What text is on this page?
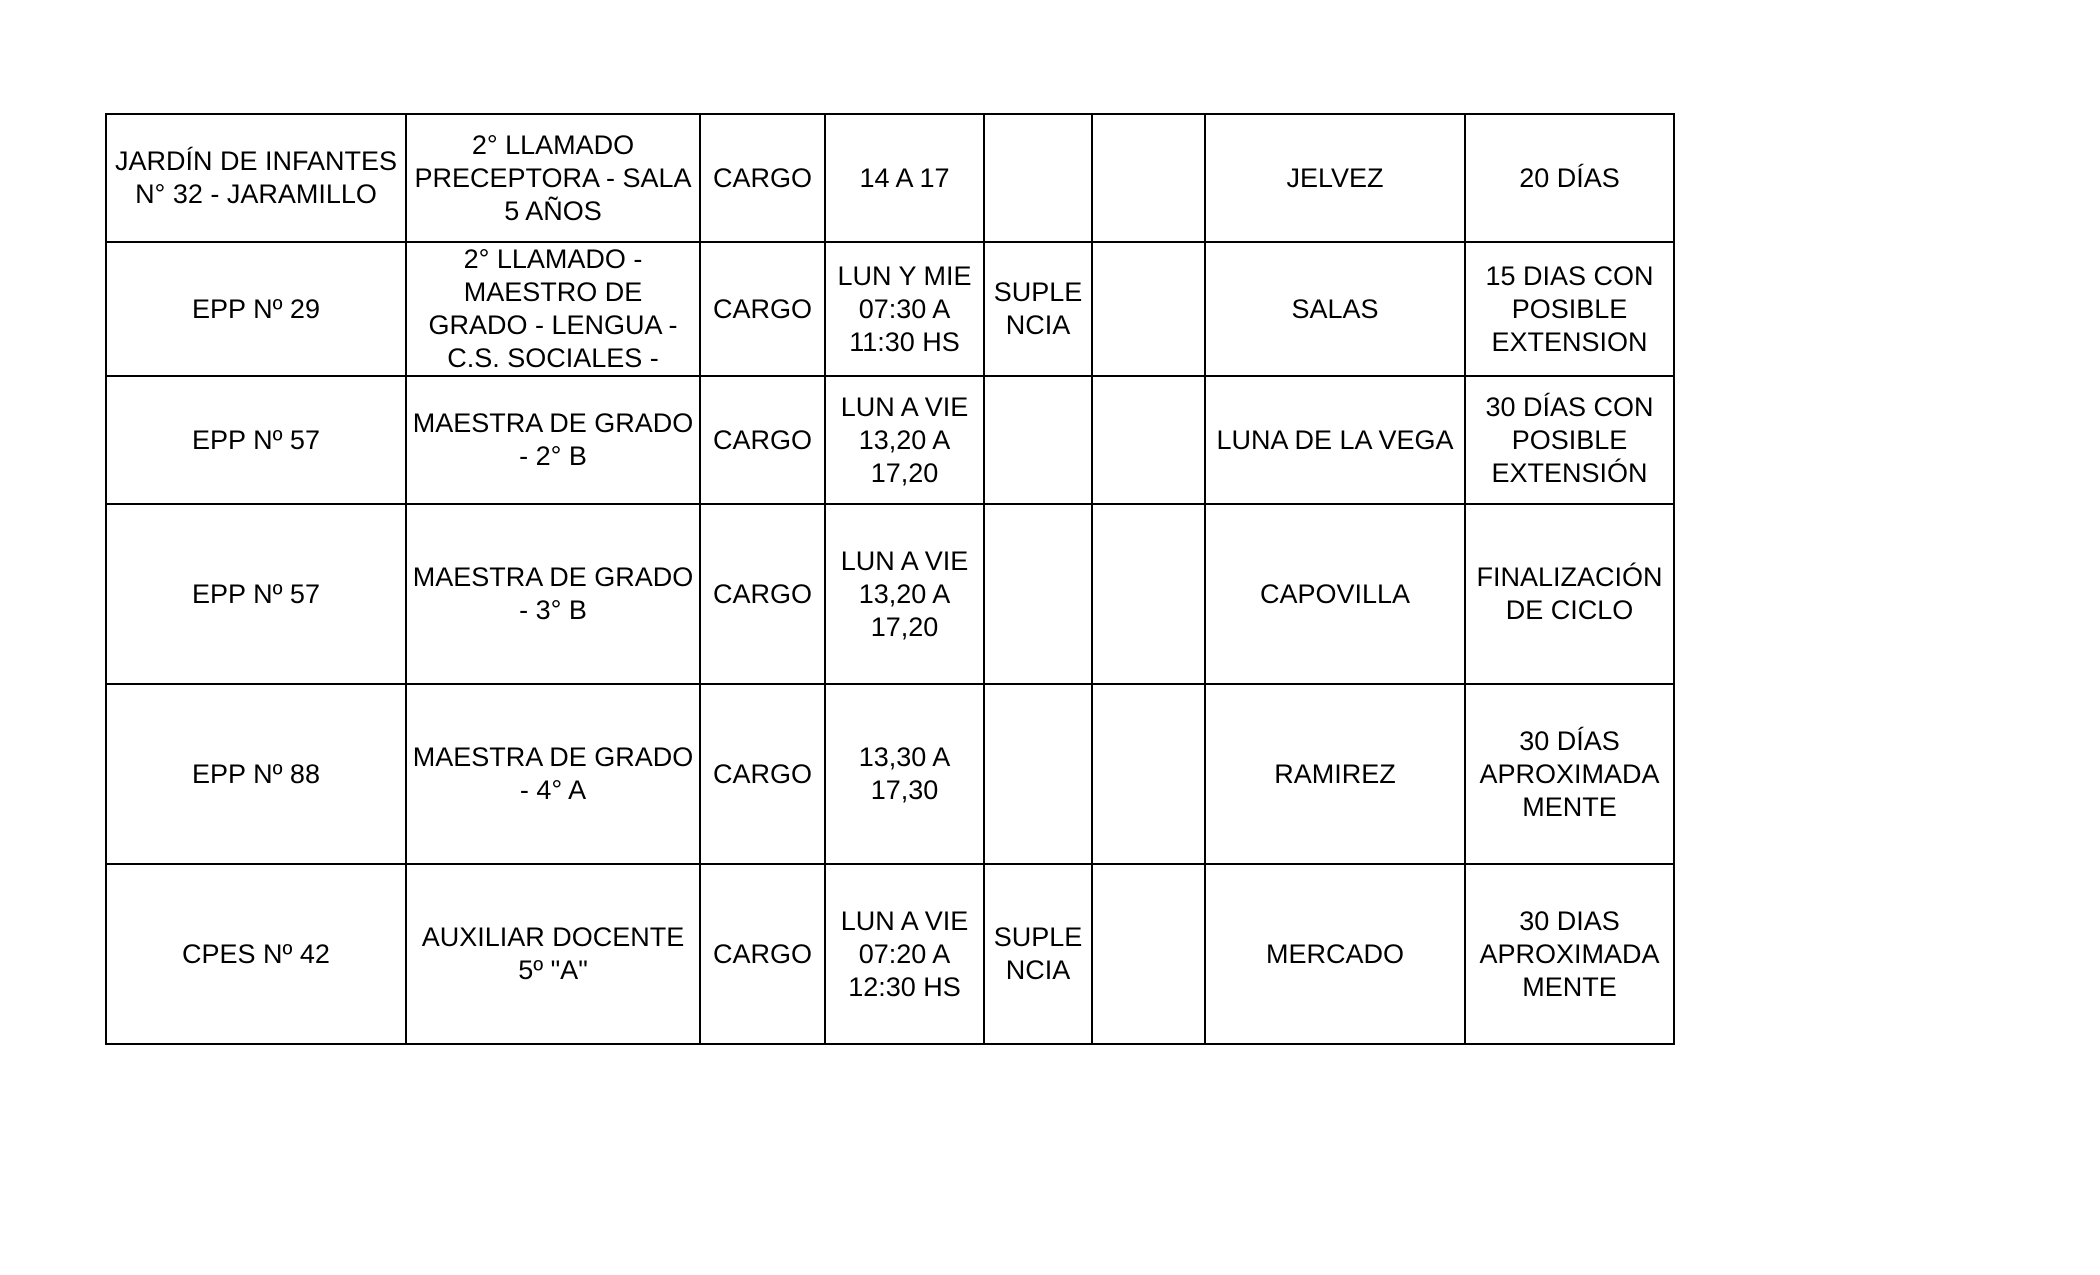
JARDÍN DE INFANTES
N° 32 - JARAMILLO	2° LLAMADO
PRECEPTORA - SALA
5 AÑOS	CARGO	14 A 17			JELVEZ	20 DÍAS
EPP Nº 29	2° LLAMADO -
MAESTRO DE
GRADO - LENGUA -
C.S. SOCIALES -	CARGO	LUN Y MIE
07:30 A
11:30 HS	SUPLE
NCIA		SALAS	15 DIAS CON
POSIBLE
EXTENSION
EPP Nº 57	MAESTRA DE GRADO
- 2° B	CARGO	LUN A VIE
13,20 A
17,20			LUNA DE LA VEGA	30 DÍAS CON
POSIBLE
EXTENSIÓN
EPP Nº 57	MAESTRA DE GRADO
- 3° B	CARGO	LUN A VIE
13,20 A
17,20			CAPOVILLA	FINALIZACIÓN
DE CICLO
EPP Nº 88	MAESTRA DE GRADO
- 4° A	CARGO	13,30 A
17,30			RAMIREZ	30 DÍAS
APROXIMADA
MENTE
CPES Nº 42	AUXILIAR DOCENTE
5º "A"	CARGO	LUN A VIE
07:20 A
12:30 HS	SUPLE
NCIA		MERCADO	30 DIAS
APROXIMADA
MENTE
